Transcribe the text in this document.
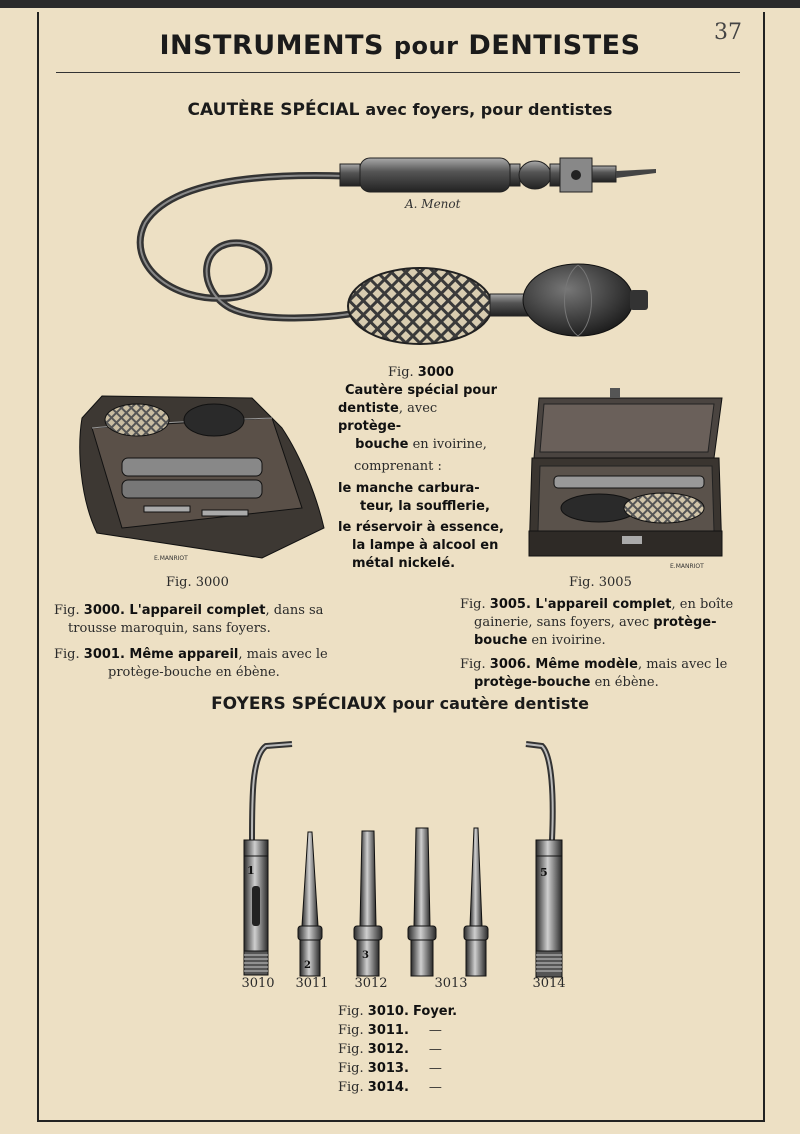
37
INSTRUMENTS pour DENTISTES
CAUTÈRE SPÉCIAL avec foyers, pour dentistes
A. Menot
Fig. 3000
Cautère spécial pour
dentiste, avec protège-
bouche en ivoirine,
comprenant :
le manche carbura-
teur, la soufflerie,
le réservoir à essence,
la lampe à alcool en
métal nickelé.
E.MANRIOT
Fig. 3000
E.MANRIOT
Fig. 3005
Fig. 3000. L'appareil complet, dans sa
trousse maroquin, sans foyers.
Fig. 3001. Même appareil, mais avec le
protège-bouche en ébène.
Fig. 3005. L'appareil complet, en boîte
gainerie, sans foyers, avec protège-
bouche en ivoirine.
Fig. 3006. Même modèle, mais avec le
protège-bouche en ébène.
FOYERS SPÉCIAUX pour cautère dentiste
1
2
3
5
3010	3011	3012	3013	3014
Fig. 3010. Foyer.
Fig. 3011. —
Fig. 3012. —
Fig. 3013. —
Fig. 3014. —
